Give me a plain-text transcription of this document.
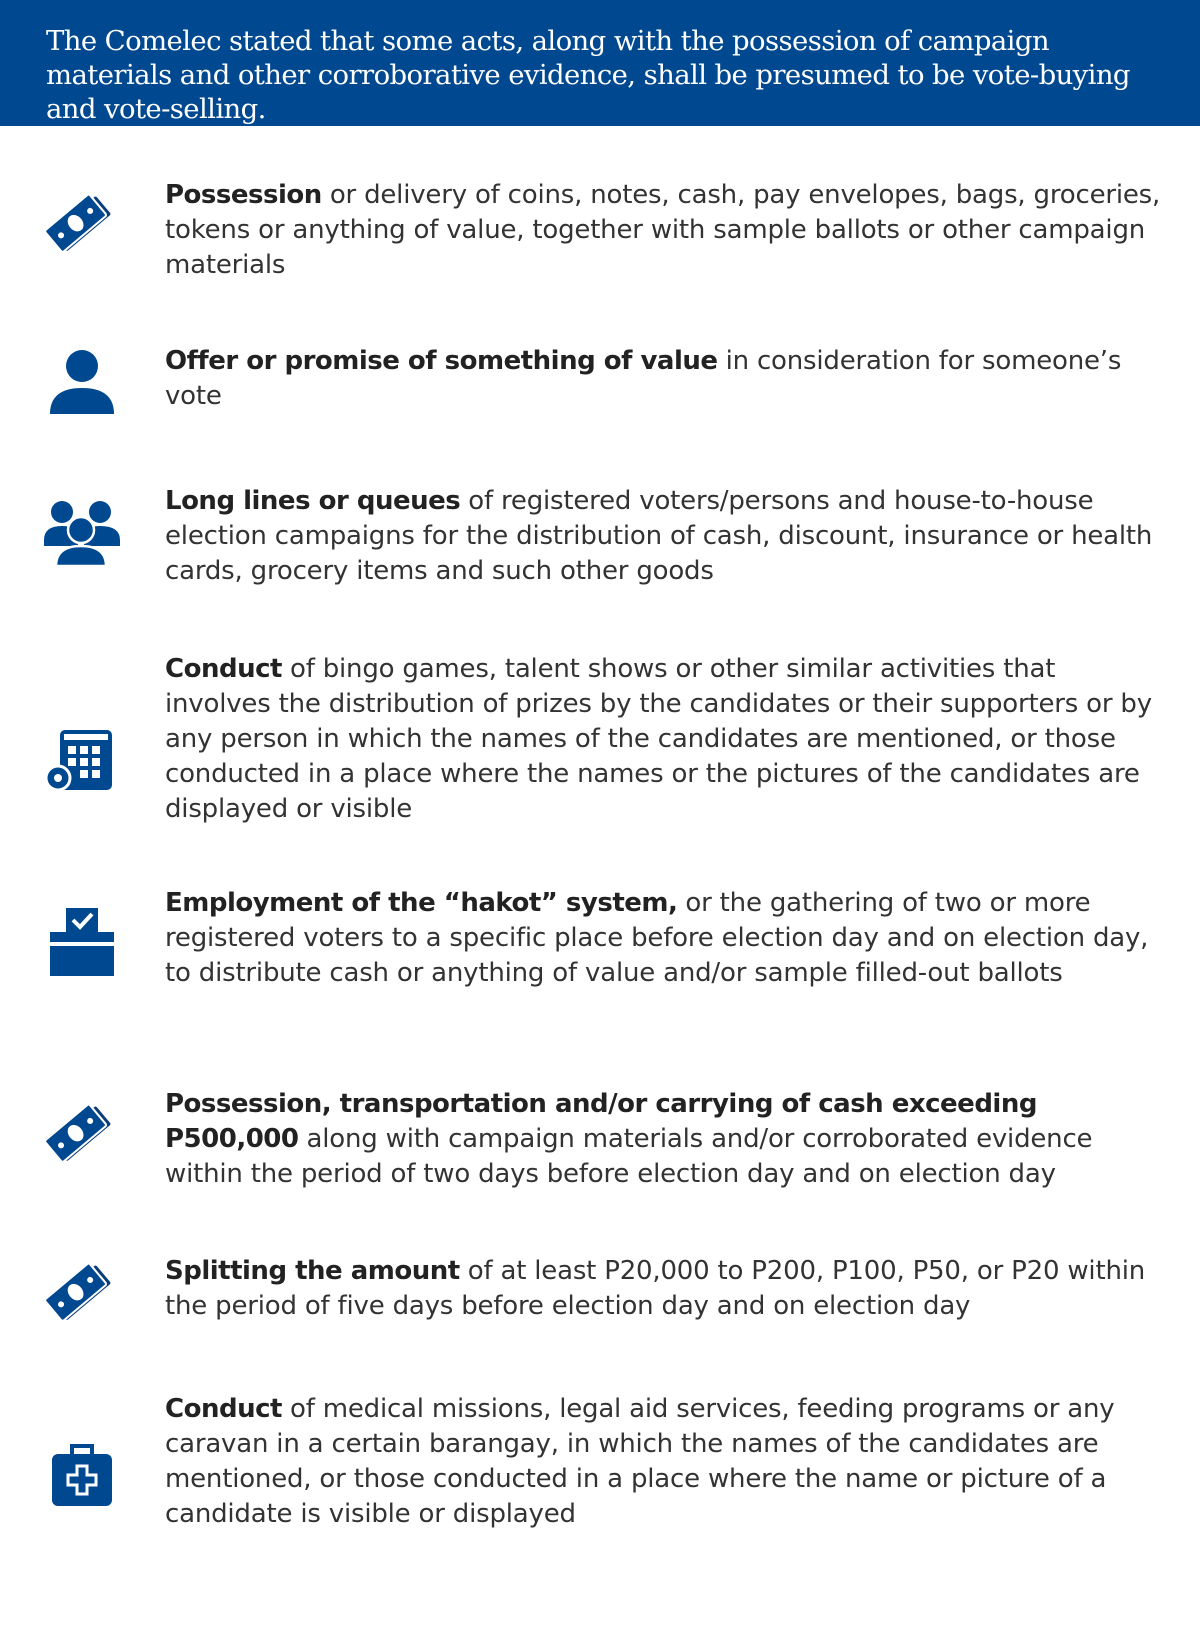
The Comelec stated that some acts, along with the possession of campaign materials and other corroborative evidence, shall be presumed to be vote-buying and vote-selling.

Possession or delivery of coins, notes, cash, pay envelopes, bags, groceries, tokens or anything of value, together with sample ballots or other campaign materials
Offer or promise of something of value in consideration for someone’s vote
Long lines or queues of registered voters/persons and house-to-house election campaigns for the distribution of cash, discount, insurance or health cards, grocery items and such other goods
Conduct of bingo games, talent shows or other similar activities that involves the distribution of prizes by the candidates or their supporters or by any person in which the names of the candidates are mentioned, or those conducted in a place where the names or the pictures of the candidates are displayed or visible
Employment of the “hakot” system, or the gathering of two or more registered voters to a specific place before election day and on election day, to distribute cash or anything of value and/or sample filled-out ballots
Possession, transportation and/or carrying of cash exceeding P500,000 along with campaign materials and/or corroborated evidence within the period of two days before election day and on election day
Splitting the amount of at least P20,000 to P200, P100, P50, or P20 within the period of five days before election day and on election day
Conduct of medical missions, legal aid services, feeding programs or any caravan in a certain barangay, in which the names of the candidates are mentioned, or those conducted in a place where the name or picture of a candidate is visible or displayed
